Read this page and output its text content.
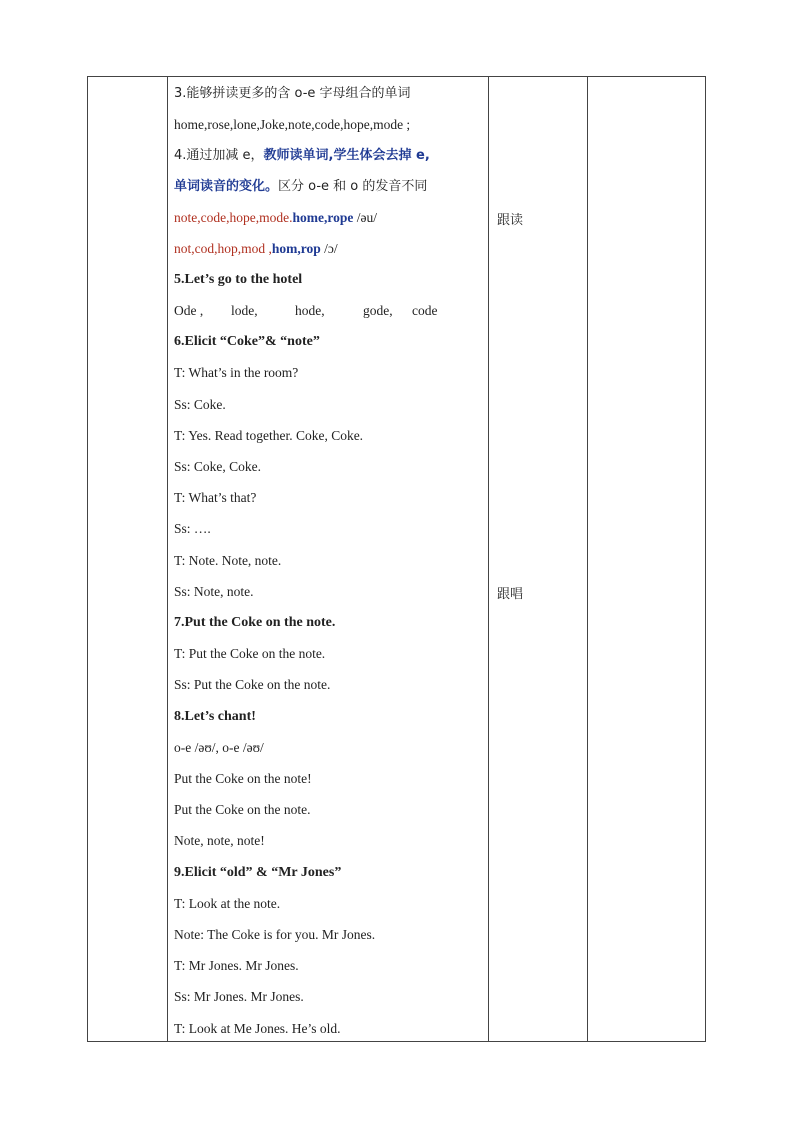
3.能够拼读更多的含 o-e 字母组合的单词
home,rose,lone,Joke,note,code,hope,mode ;
4.通过加减 e，教师读单词,学生体会去掉 e,
单词读音的变化。区分 o-e 和 o 的发音不同
note,code,hope,mode.home,rope /əu/
not,cod,hop,mod ,hom,rop /ɔ/
5.Let’s go to the hotel
Ode , lode,	hode,	gode, code
6.Elicit “Coke”& “note”
T: What’s in the room?
Ss: Coke.
T: Yes. Read together. Coke, Coke.
Ss: Coke, Coke.
T: What’s that?
Ss: ….
T: Note. Note, note.
Ss: Note, note.
7.Put the Coke on the note.
T: Put the Coke on the note.
Ss: Put the Coke on the note.
8.Let’s chant!
o-e /əʊ/, o-e /əʊ/
Put the Coke on the note!
Put the Coke on the note.
Note, note, note!
9.Elicit “old” & “Mr Jones”
T: Look at the note.
Note: The Coke is for you. Mr Jones.
T: Mr Jones. Mr Jones.
Ss: Mr Jones. Mr Jones.
T: Look at Me Jones. He’s old.
跟读
跟唱
